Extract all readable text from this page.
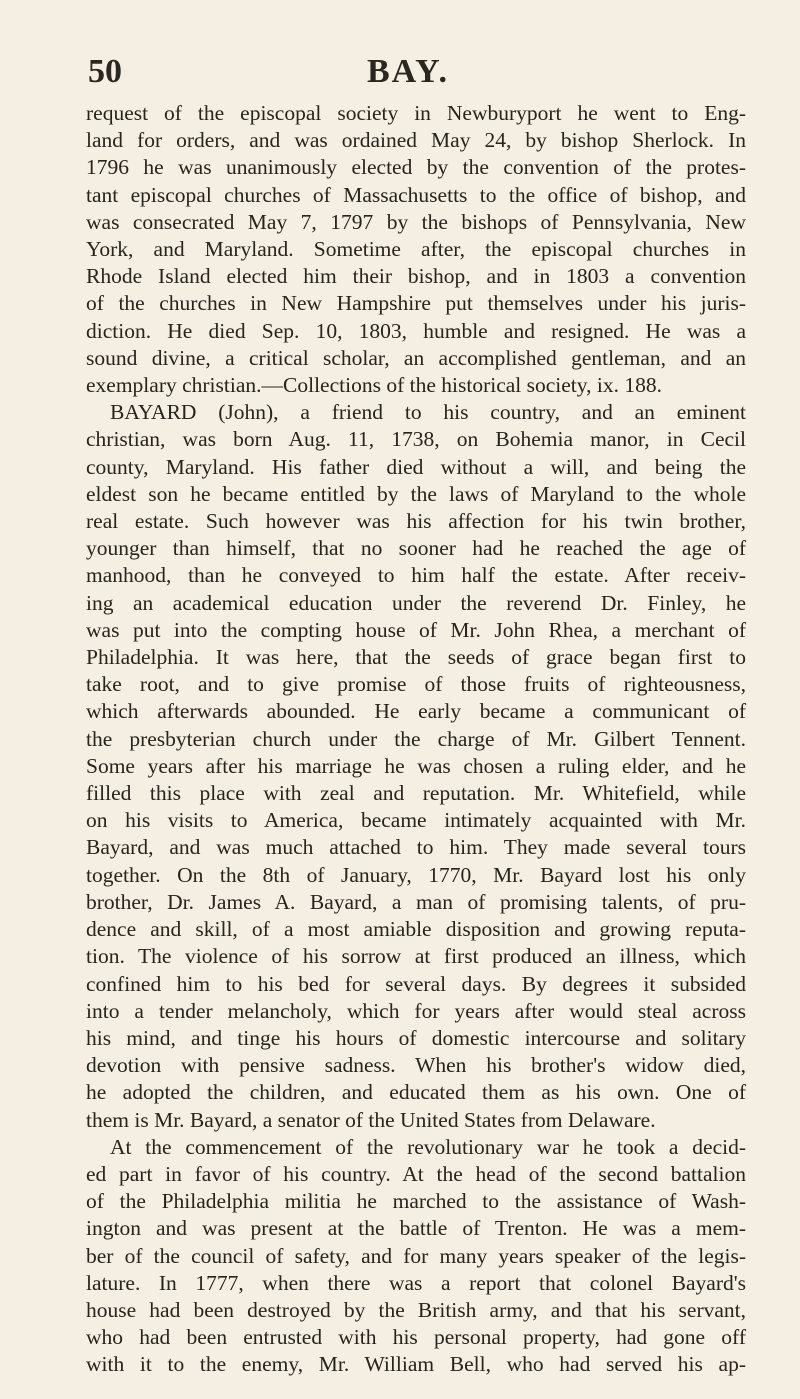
50	BAY.
request of the episcopal society in Newburyport he went to Eng-
land for orders, and was ordained May 24, by bishop Sherlock. In
1796 he was unanimously elected by the convention of the protes-
tant episcopal churches of Massachusetts to the office of bishop, and
was consecrated May 7, 1797 by the bishops of Pennsylvania, New
York, and Maryland. Sometime after, the episcopal churches in
Rhode Island elected him their bishop, and in 1803 a convention
of the churches in New Hampshire put themselves under his juris-
diction. He died Sep. 10, 1803, humble and resigned. He was a
sound divine, a critical scholar, an accomplished gentleman, and an
exemplary christian.—Collections of the historical society, ix. 188.
BAYARD (John), a friend to his country, and an eminent
christian, was born Aug. 11, 1738, on Bohemia manor, in Cecil
county, Maryland. His father died without a will, and being the
eldest son he became entitled by the laws of Maryland to the whole
real estate. Such however was his affection for his twin brother,
younger than himself, that no sooner had he reached the age of
manhood, than he conveyed to him half the estate. After receiv-
ing an academical education under the reverend Dr. Finley, he
was put into the compting house of Mr. John Rhea, a merchant of
Philadelphia. It was here, that the seeds of grace began first to
take root, and to give promise of those fruits of righteousness,
which afterwards abounded. He early became a communicant of
the presbyterian church under the charge of Mr. Gilbert Tennent.
Some years after his marriage he was chosen a ruling elder, and he
filled this place with zeal and reputation. Mr. Whitefield, while
on his visits to America, became intimately acquainted with Mr.
Bayard, and was much attached to him. They made several tours
together. On the 8th of January, 1770, Mr. Bayard lost his only
brother, Dr. James A. Bayard, a man of promising talents, of pru-
dence and skill, of a most amiable disposition and growing reputa-
tion. The violence of his sorrow at first produced an illness, which
confined him to his bed for several days. By degrees it subsided
into a tender melancholy, which for years after would steal across
his mind, and tinge his hours of domestic intercourse and solitary
devotion with pensive sadness. When his brother's widow died,
he adopted the children, and educated them as his own. One of
them is Mr. Bayard, a senator of the United States from Delaware.
At the commencement of the revolutionary war he took a decid-
ed part in favor of his country. At the head of the second battalion
of the Philadelphia militia he marched to the assistance of Wash-
ington and was present at the battle of Trenton. He was a mem-
ber of the council of safety, and for many years speaker of the legis-
lature. In 1777, when there was a report that colonel Bayard's
house had been destroyed by the British army, and that his servant,
who had been entrusted with his personal property, had gone off
with it to the enemy, Mr. William Bell, who had served his ap-
